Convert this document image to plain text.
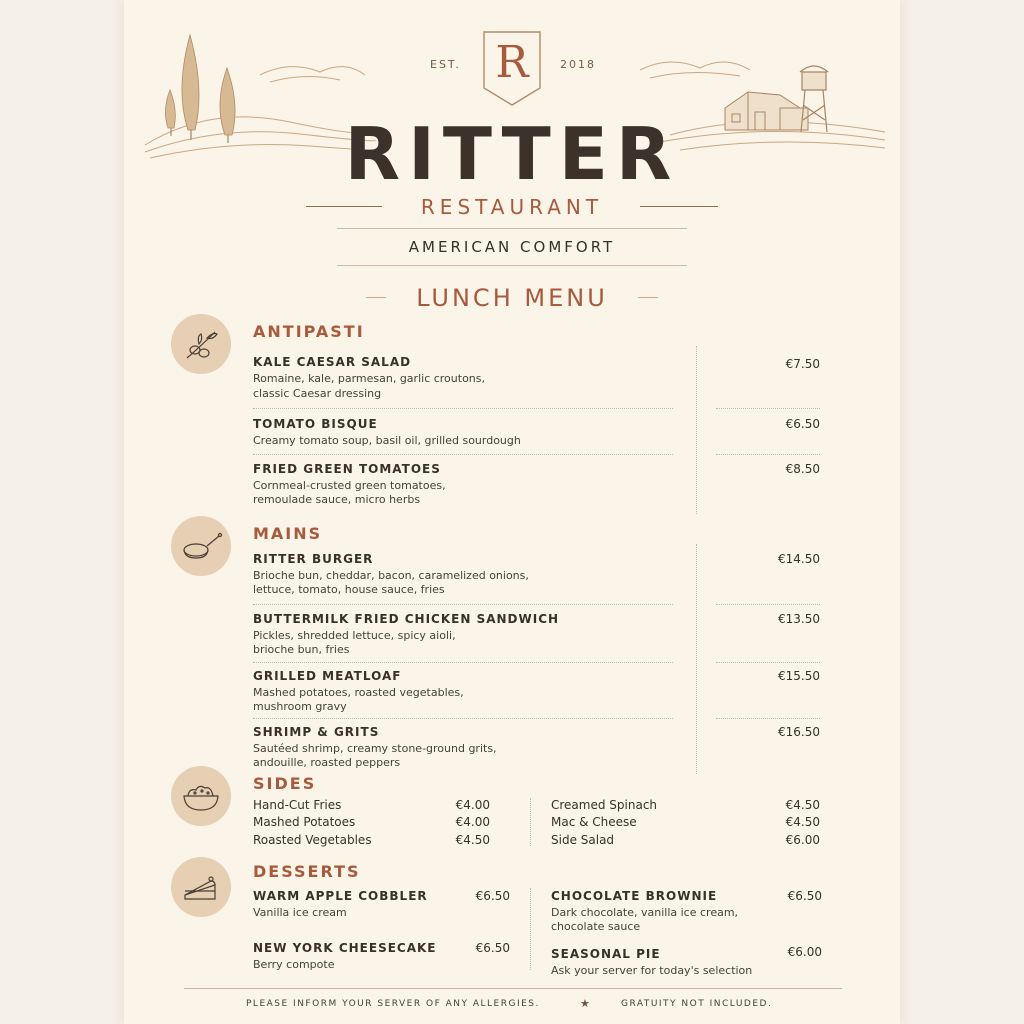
EST.	2018
R
RITTER
RESTAURANT
AMERICAN COMFORT
LUNCH MENU
ANTIPASTI
KALE CAESAR SALAD
Romaine, kale, parmesan, garlic croutons,
classic Caesar dressing
€7.50
TOMATO BISQUE
Creamy tomato soup, basil oil, grilled sourdough
€6.50
FRIED GREEN TOMATOES
Cornmeal-crusted green tomatoes,
remoulade sauce, micro herbs
€8.50
MAINS
RITTER BURGER
Brioche bun, cheddar, bacon, caramelized onions,
lettuce, tomato, house sauce, fries
€14.50
BUTTERMILK FRIED CHICKEN SANDWICH
Pickles, shredded lettuce, spicy aioli,
brioche bun, fries
€13.50
GRILLED MEATLOAF
Mashed potatoes, roasted vegetables,
mushroom gravy
€15.50
SHRIMP & GRITS
Sautéed shrimp, creamy stone-ground grits,
andouille, roasted peppers
€16.50
SIDES
Hand-Cut Fries	€4.00
Mashed Potatoes	€4.00
Roasted Vegetables	€4.50
Creamed Spinach	€4.50
Mac & Cheese	€4.50
Side Salad	€6.00
DESSERTS
WARM APPLE COBBLER
Vanilla ice cream
€6.50
NEW YORK CHEESECAKE
Berry compote
€6.50
CHOCOLATE BROWNIE
Dark chocolate, vanilla ice cream,
chocolate sauce
€6.50
SEASONAL PIE
Ask your server for today's selection
€6.00
PLEASE INFORM YOUR SERVER OF ANY ALLERGIES.	★	GRATUITY NOT INCLUDED.
